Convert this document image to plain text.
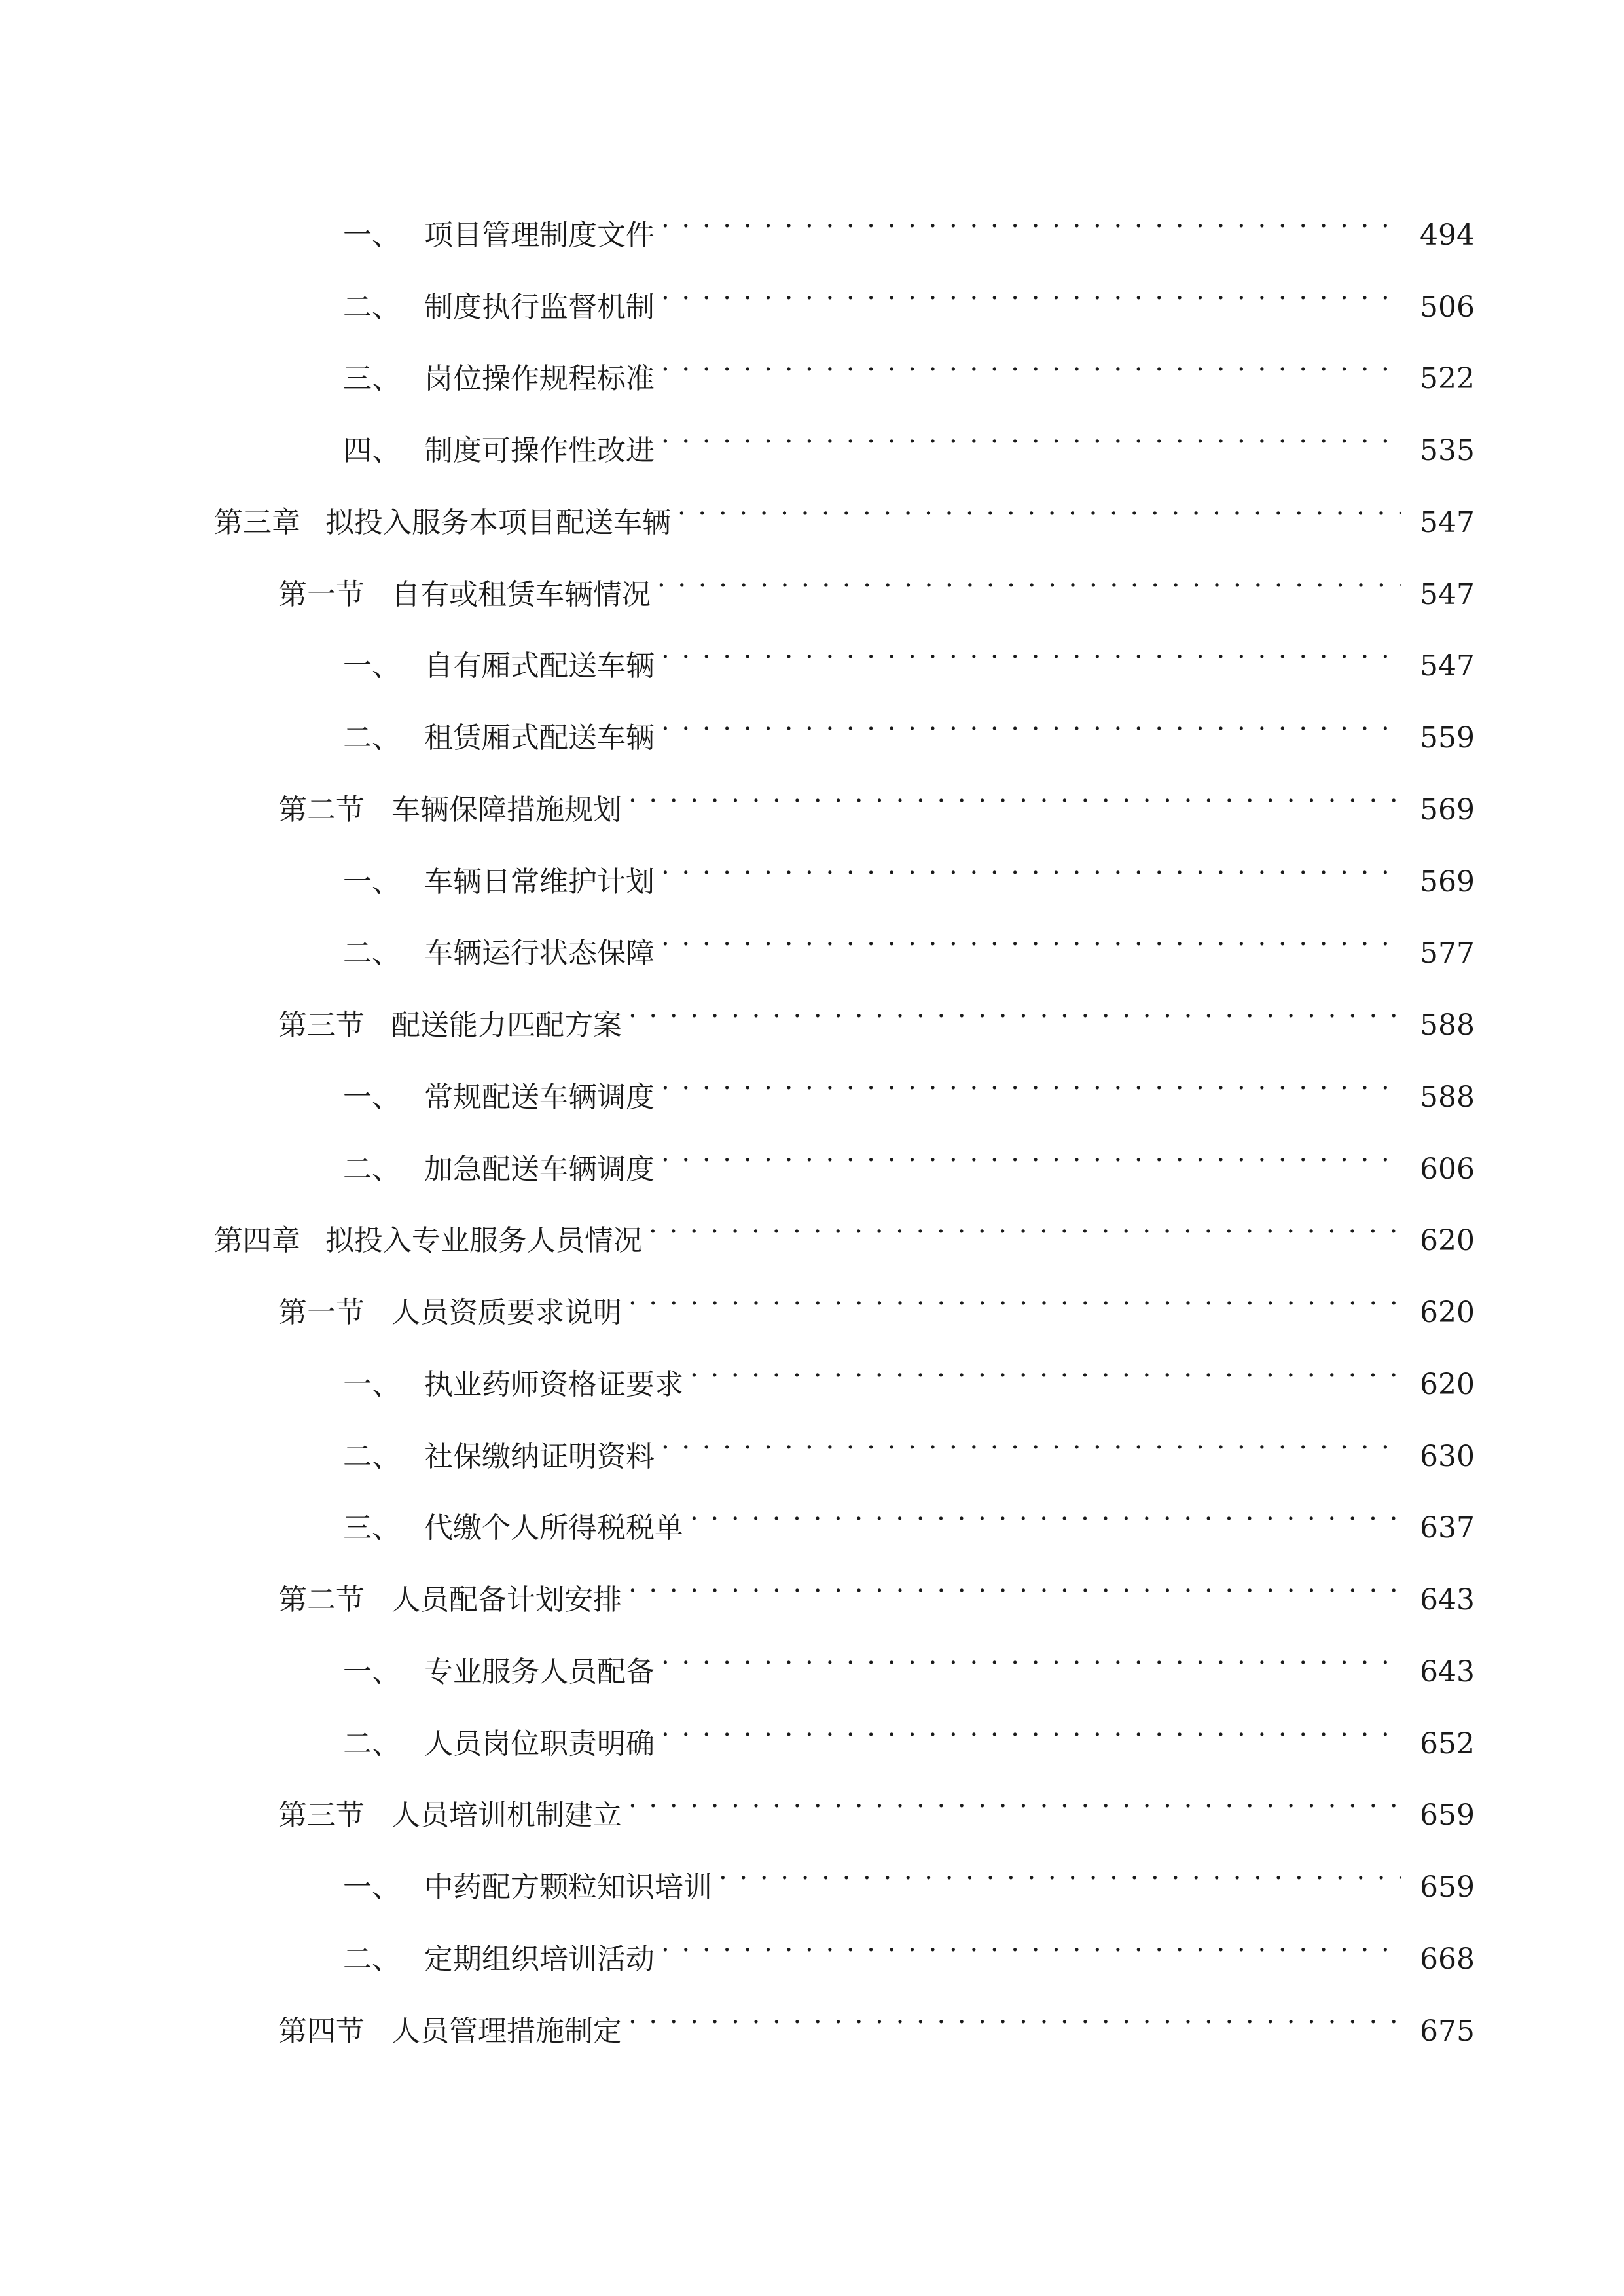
一、 项目管理制度文件 . . .	494
二、 制度执行监督机制 . . .	506
三、 岗位操作规程标准 . . .	522
四、 制度可操作性改进 . . .	535
第三章 拟投入服务本项目配送车辆 . . .	547
第一节 自有或租赁车辆情况 . . .	547
一、 自有厢式配送车辆 . . .	547
二、 租赁厢式配送车辆 . . .	559
第二节 车辆保障措施规划 . . .	569
一、 车辆日常维护计划 . . .	569
二、 车辆运行状态保障 . . .	577
第三节 配送能力匹配方案 . . .	588
一、 常规配送车辆调度 . . .	588
二、 加急配送车辆调度 . . .	606
第四章 拟投入专业服务人员情况 . . .	620
第一节 人员资质要求说明 . . .	620
一、 执业药师资格证要求 . . .	620
二、 社保缴纳证明资料 . . .	630
三、 代缴个人所得税税单 . . .	637
第二节 人员配备计划安排 . . .	643
一、 专业服务人员配备 . . .	643
二、 人员岗位职责明确 . . .	652
第三节 人员培训机制建立 . . .	659
一、 中药配方颗粒知识培训 . . .	659
二、 定期组织培训活动 . . .	668
第四节 人员管理措施制定 . . .	675
